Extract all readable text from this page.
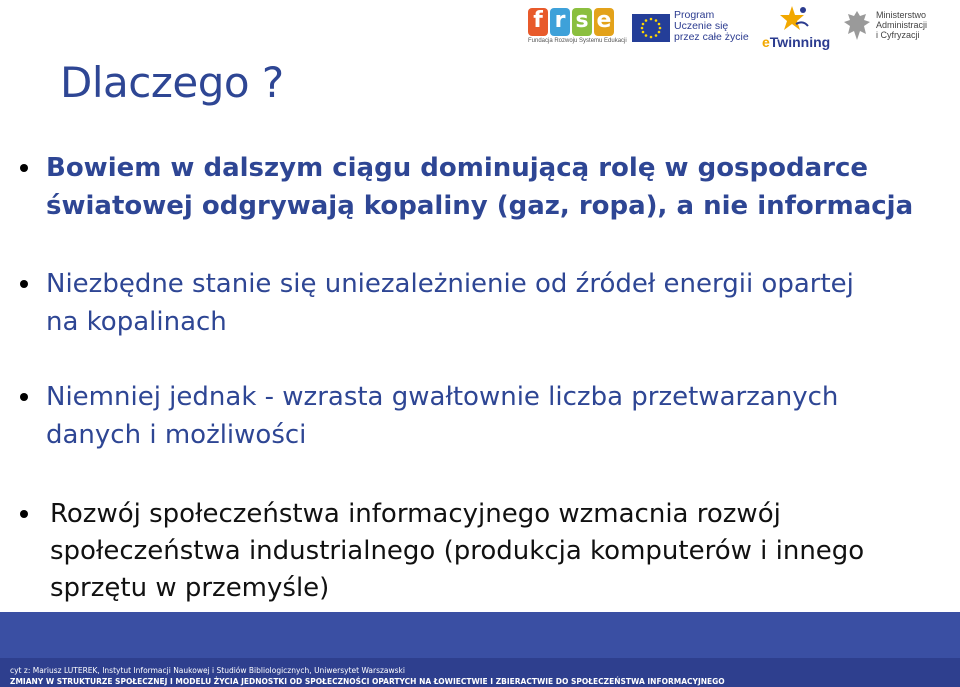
f r s e
Fundacja Rozwoju Systemu Edukacji
Program
Uczenie się
przez całe życie eTwinning
Ministerstwo
Administracji
i Cyfryzacji
Dlaczego ?
Bowiem w dalszym ciągu dominującą rolę w gospodarce
światowej odgrywają kopaliny (gaz, ropa), a nie informacja
Niezbędne stanie się uniezależnienie od źródeł energii opartej
na kopalinach
Niemniej jednak - wzrasta gwałtownie liczba przetwarzanych
danych i możliwości
Rozwój społeczeństwa informacyjnego wzmacnia rozwój
społeczeństwa industrialnego (produkcja komputerów i innego
sprzętu w przemyśle)
cyt z: Mariusz LUTEREK, Instytut Informacji Naukowej i Studiów Bibliologicznych, Uniwersytet Warszawski
ZMIANY W STRUKTURZE SPOŁECZNEJ I MODELU ŻYCIA JEDNOSTKI OD SPOŁECZNOŚCI OPARTYCH NA ŁOWIECTWIE I ZBIERACTWIE DO SPOŁECZEŃSTWA INFORMACYJNEGO
